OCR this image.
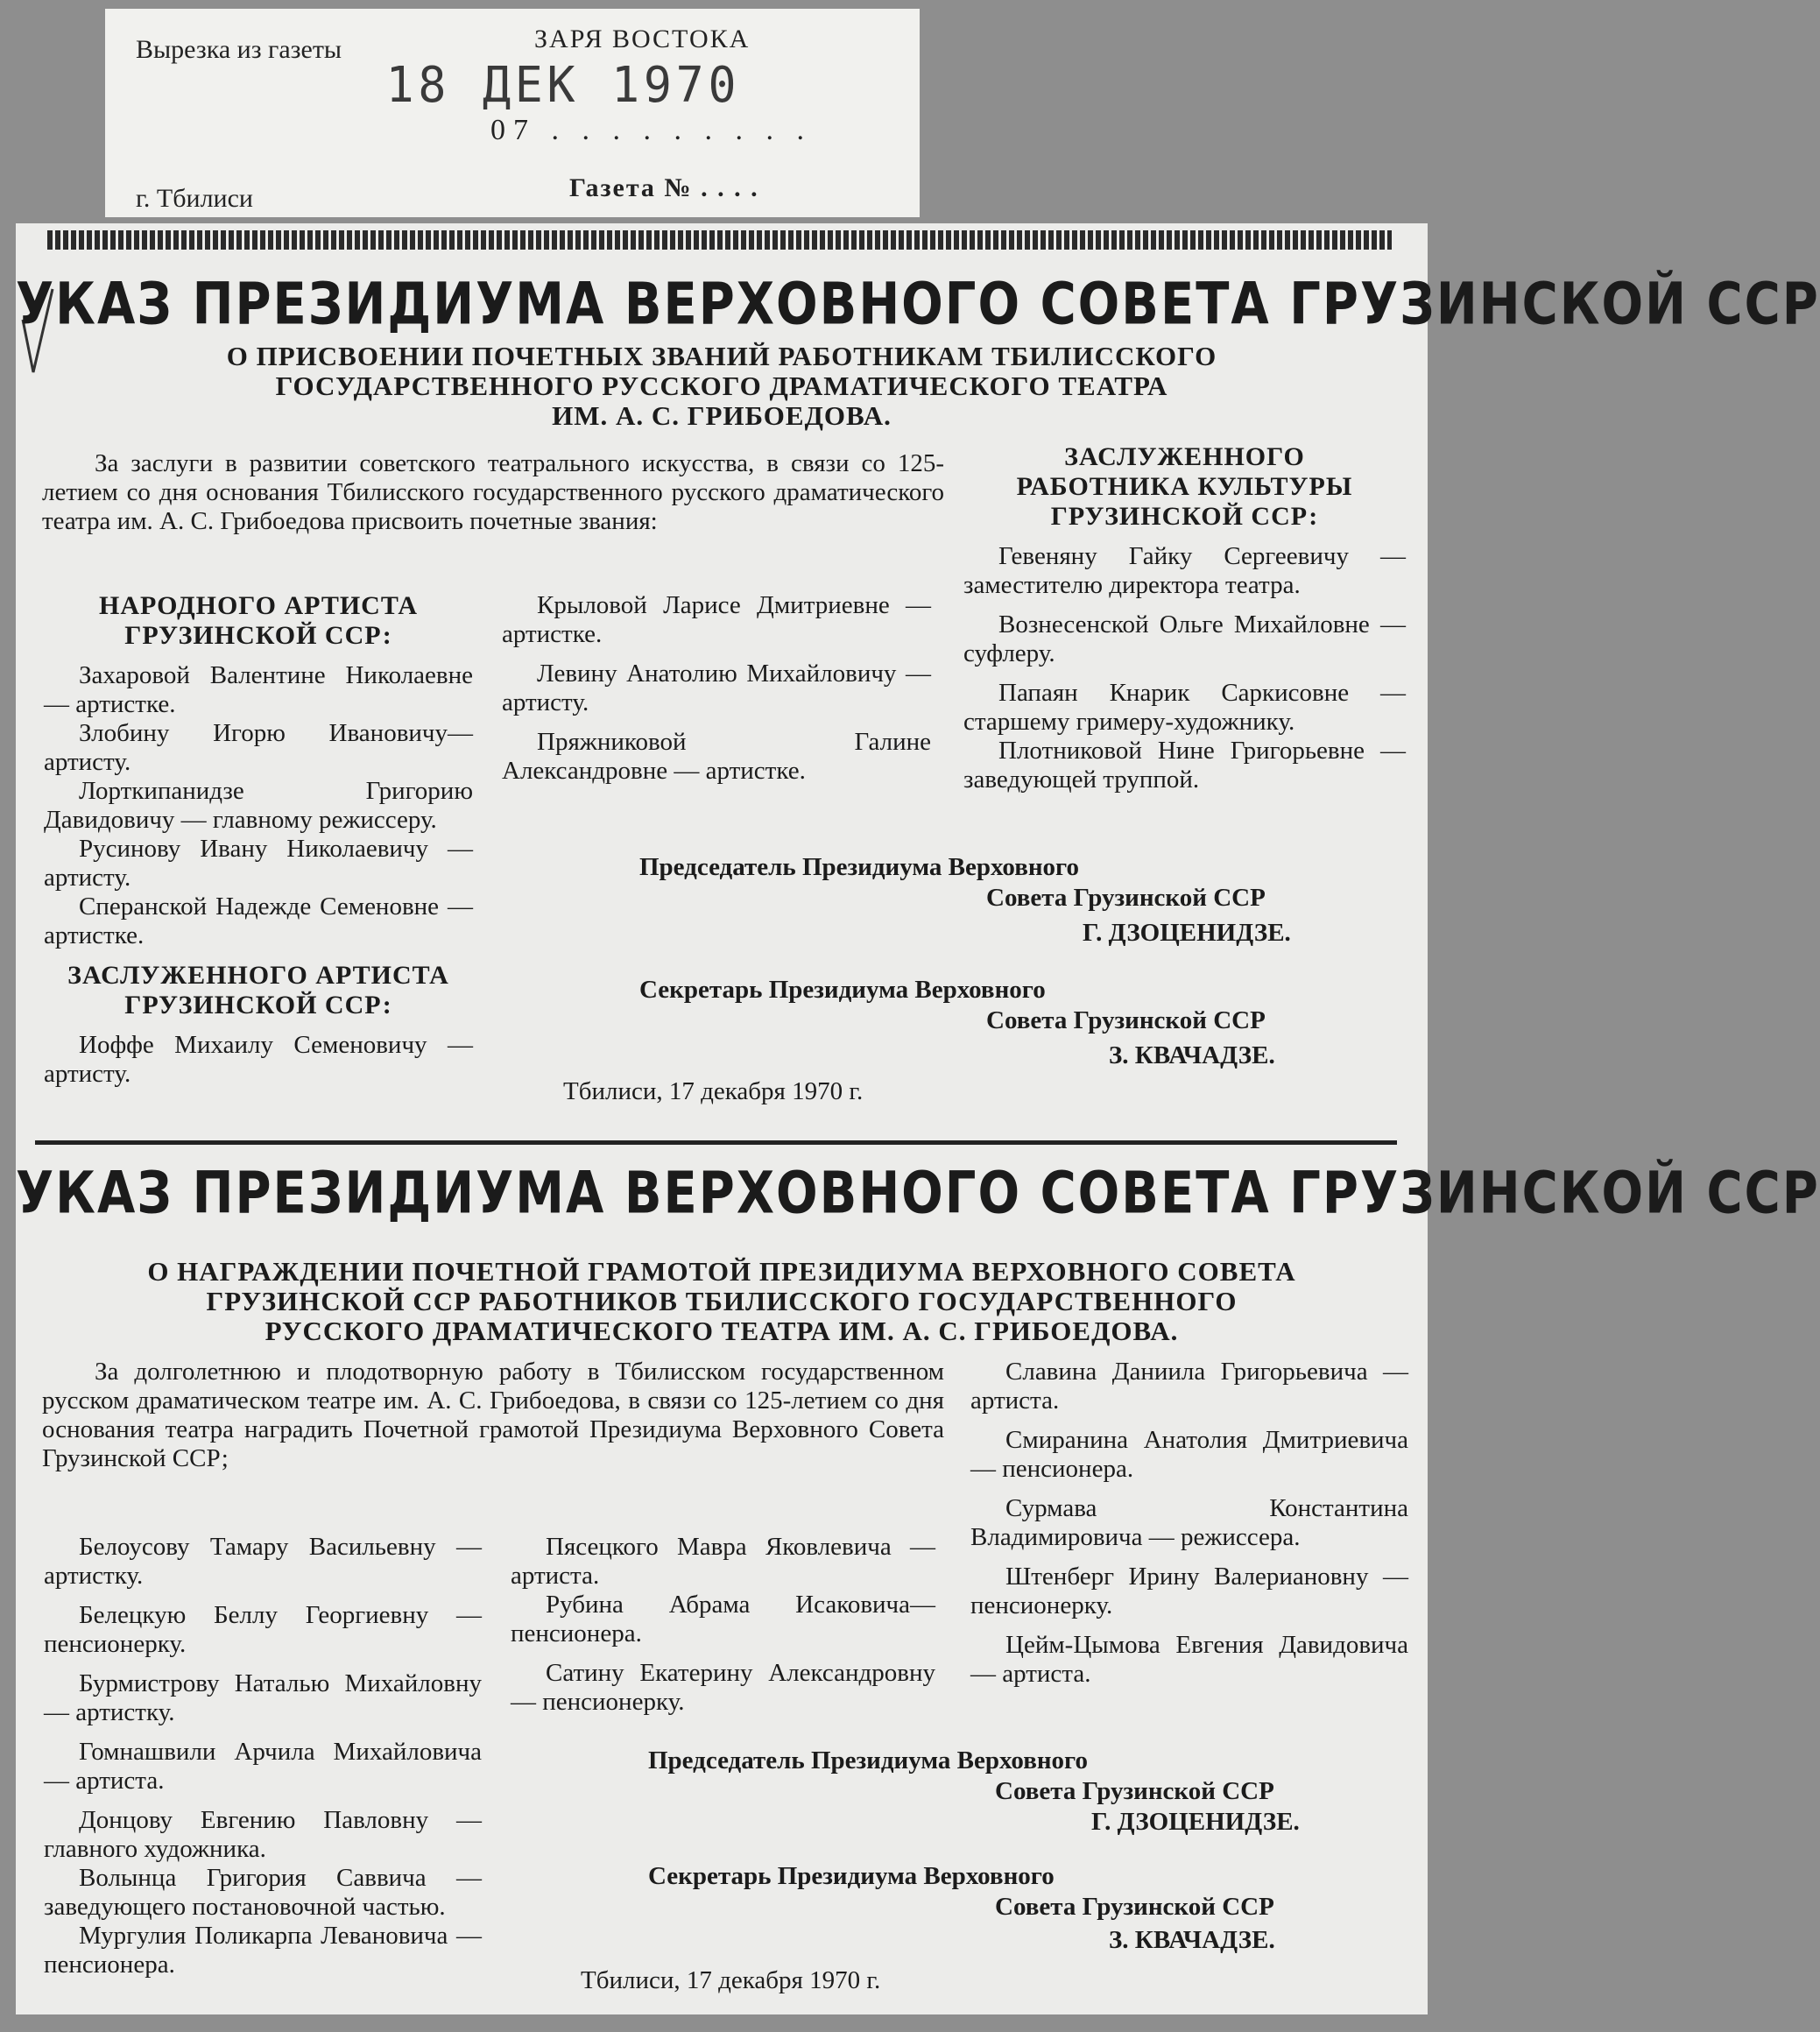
Вырезка из газеты	ЗАРЯ ВОСТОКА
18 ДЕК 1970
07 . . . . . . . . .
г. Тбилиси	Газета № . . . .
УКАЗ ПРЕЗИДИУМА ВЕРХОВНОГО СОВЕТА ГРУЗИНСКОЙ ССР
О ПРИСВОЕНИИ ПОЧЕТНЫХ ЗВАНИЙ РАБОТНИКАМ ТБИЛИССКОГО
ГОСУДАРСТВЕННОГО РУССКОГО ДРАМАТИЧЕСКОГО ТЕАТРА
ИМ. А. С. ГРИБОЕДОВА.
За заслуги в развитии советского театрального искусства, в связи со 125-летием со дня основания Тбилисского государственного русского драматического театра им. А. С. Грибоедова присвоить почетные звания:

НАРОДНОГО АРТИСТА ГРУЗИНСКОЙ ССР:

Захаровой Валентине Николаевне — артистке.

Злобину Игорю Ивановичу—артисту.

Лорткипанидзе Григорию Давидовичу — главному режиссеру.

Русинову Ивану Николаевичу — артисту.

Сперанской Надежде Семеновне — артистке.

ЗАСЛУЖЕННОГО АРТИСТА ГРУЗИНСКОЙ ССР:

Иоффе Михаилу Семеновичу — артисту.

Крыловой Ларисе Дмитриевне — артистке.

Левину Анатолию Михайловичу — артисту.

Пряжниковой Галине Александровне — артистке.

ЗАСЛУЖЕННОГО РАБОТНИКА КУЛЬТУРЫ ГРУЗИНСКОЙ ССР:

Гевеняну Гайку Сергеевичу — заместителю директора театра.

Вознесенской Ольге Михайловне — суфлеру.

Папаян Кнарик Саркисовне — старшему гримеру-художнику.

Плотниковой Нине Григорьевне — заведующей труппой.

Председатель Президиума Верховного
Совета Грузинской ССР
Г. ДЗОЦЕНИДЗЕ.
Секретарь Президиума Верховного
Совета Грузинской ССР
З. КВАЧАДЗЕ.
Тбилиси, 17 декабря 1970 г.
УКАЗ ПРЕЗИДИУМА ВЕРХОВНОГО СОВЕТА ГРУЗИНСКОЙ ССР
О НАГРАЖДЕНИИ ПОЧЕТНОЙ ГРАМОТОЙ ПРЕЗИДИУМА ВЕРХОВНОГО СОВЕТА
ГРУЗИНСКОЙ ССР РАБОТНИКОВ ТБИЛИССКОГО ГОСУДАРСТВЕННОГО
РУССКОГО ДРАМАТИЧЕСКОГО ТЕАТРА ИМ. А. С. ГРИБОЕДОВА.
За долголетнюю и плодотворную работу в Тбилисском государственном русском драматическом театре им. А. С. Грибоедова, в связи со 125-летием со дня основания театра наградить Почетной грамотой Президиума Верховного Совета Грузинской ССР;

Белоусову Тамару Васильевну — артистку.

Белецкую Беллу Георгиевну — пенсионерку.

Бурмистрову Наталью Михайловну — артистку.

Гомнашвили Арчила Михайловича — артиста.

Донцову Евгению Павловну — главного художника.

Волынца Григория Саввича — заведующего постановочной частью.

Мургулия Поликарпа Левановича — пенсионера.

Пясецкого Мавра Яковлевича — артиста.

Рубина Абрама Исаковича—пенсионера.

Сатину Екатерину Александровну — пенсионерку.

Славина Даниила Григорьевича — артиста.

Смиранина Анатолия Дмитриевича — пенсионера.

Сурмава Константина Владимировича — режиссера.

Штенберг Ирину Валериановну — пенсионерку.

Цейм-Цымова Евгения Давидовича — артиста.

Председатель Президиума Верховного
Совета Грузинской ССР
Г. ДЗОЦЕНИДЗЕ.
Секретарь Президиума Верховного
Совета Грузинской ССР
З. КВАЧАДЗЕ.
Тбилиси, 17 декабря 1970 г.
